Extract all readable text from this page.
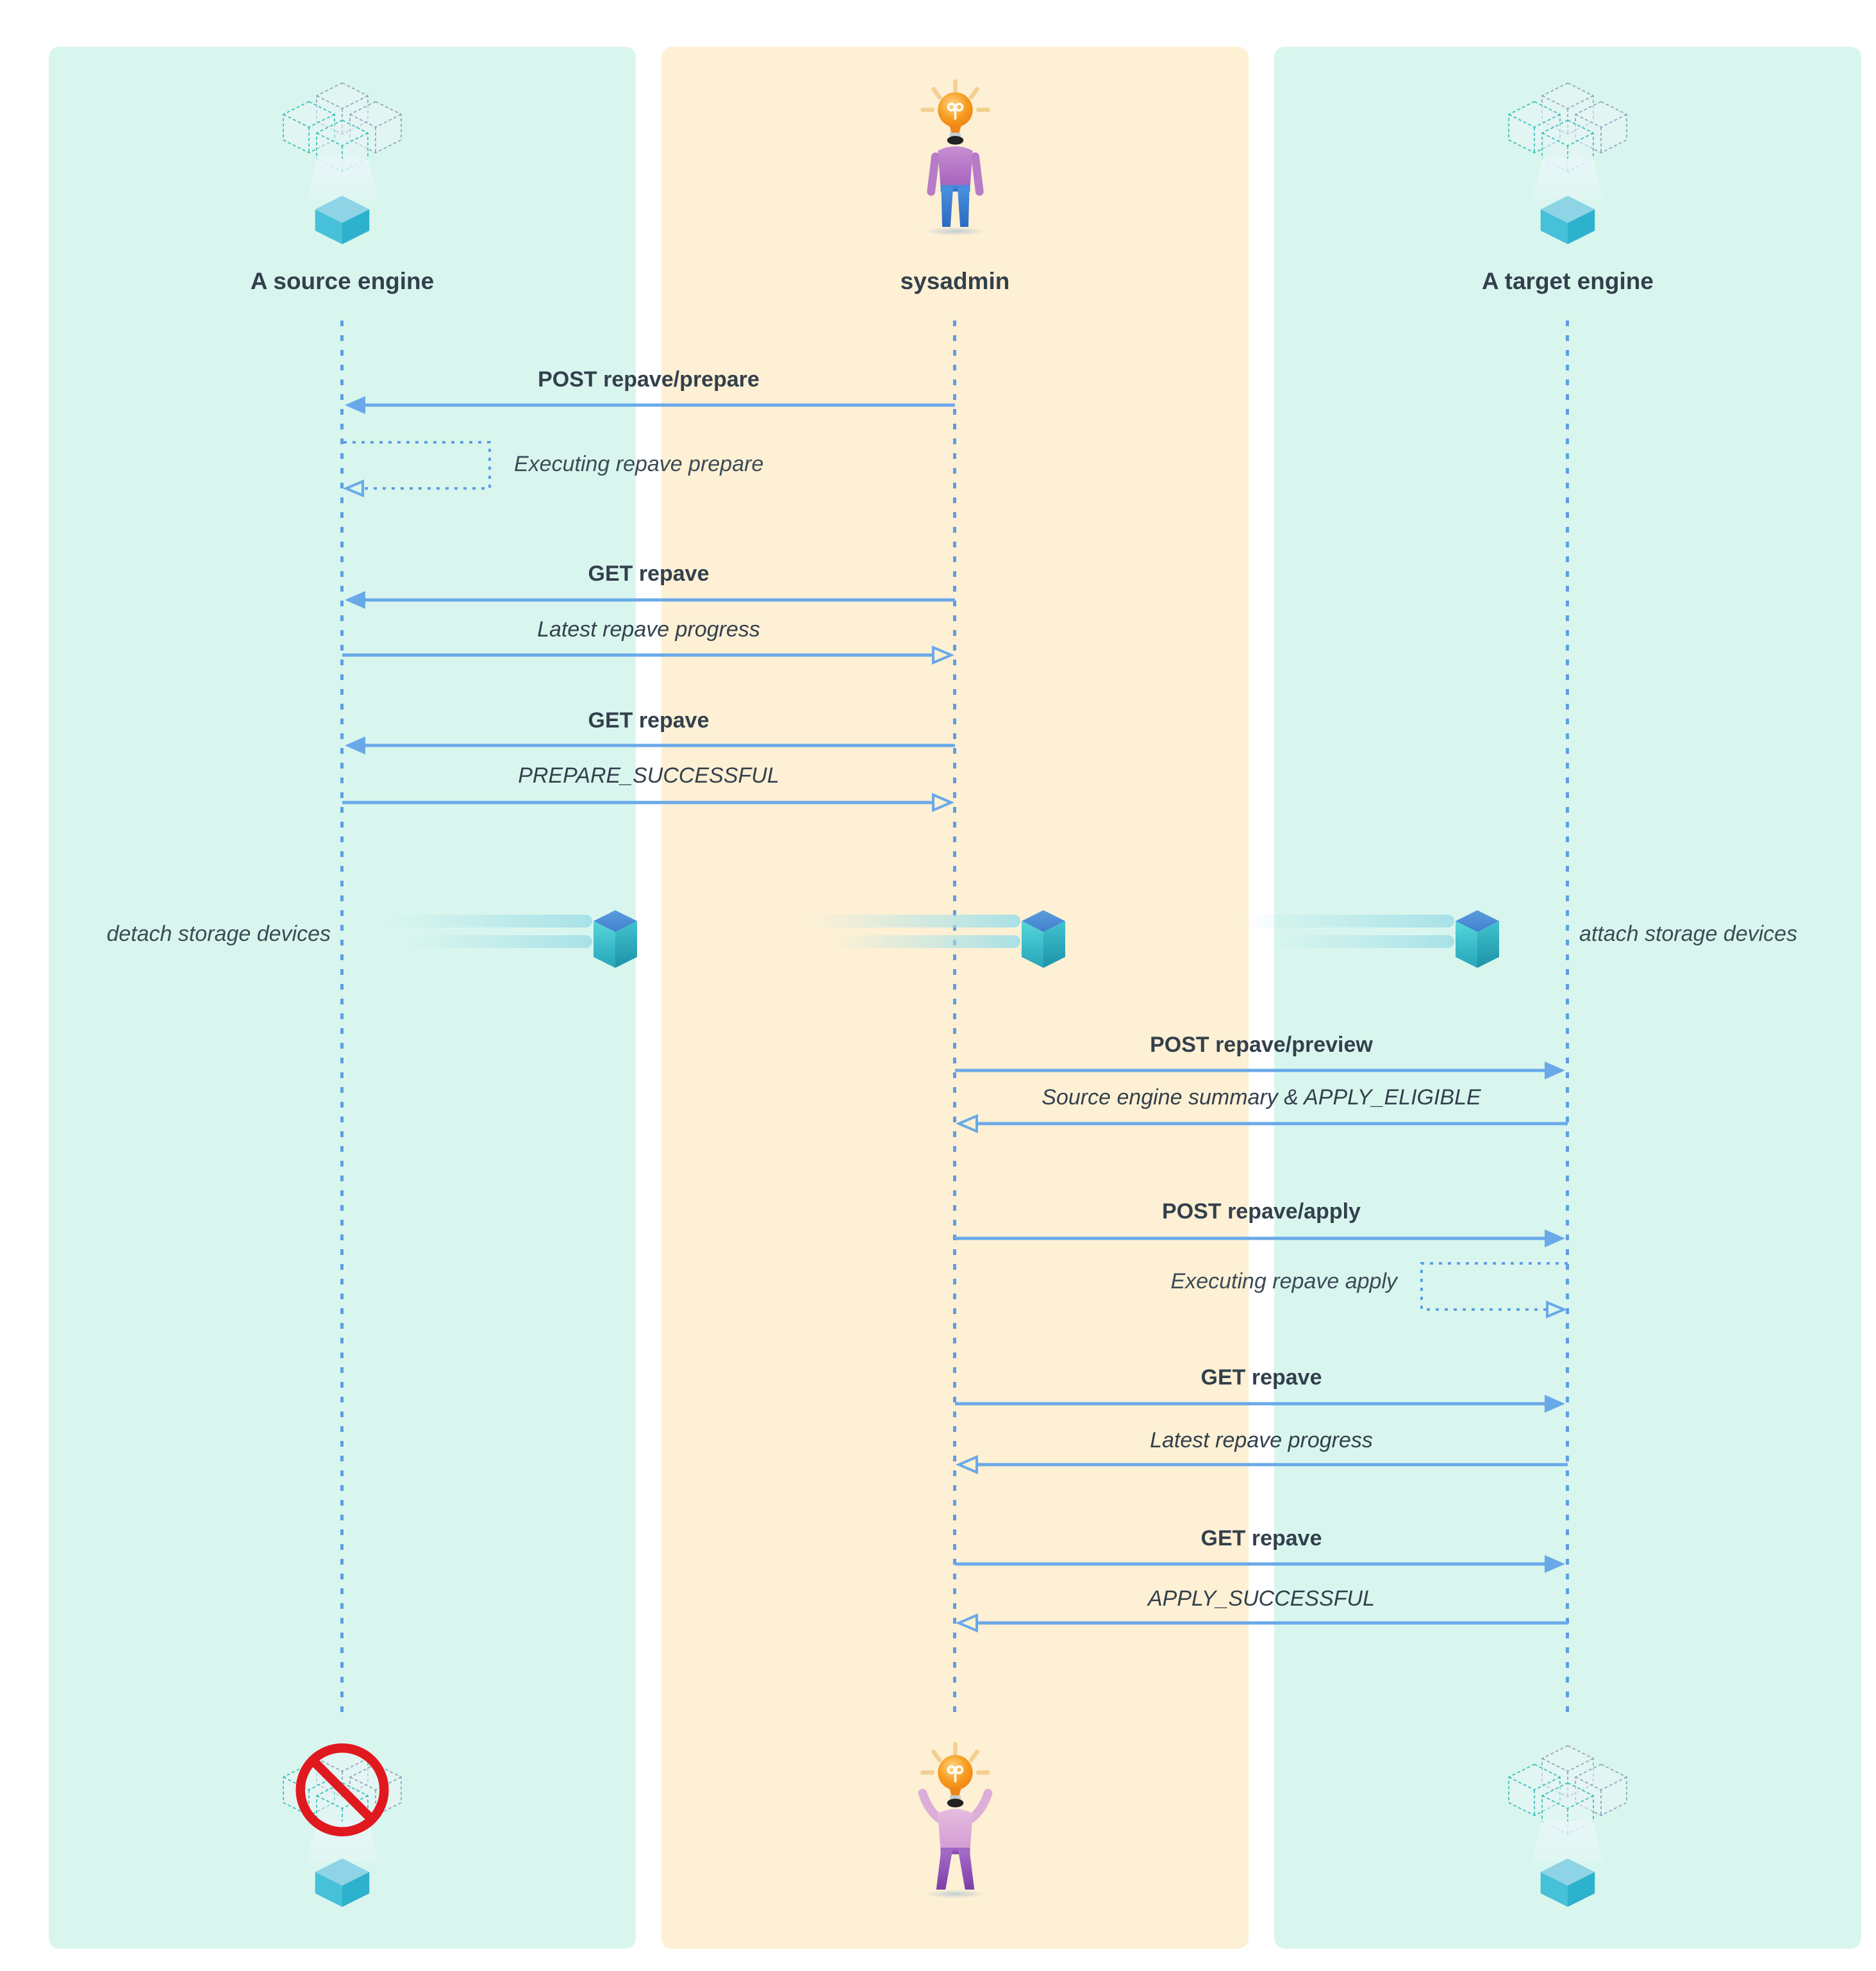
A source engine	sysadmin	A target engine
POST repave/prepare
Executing repave prepare
GET repave
Latest repave progress
GET repave
PREPARE_SUCCESSFUL
detach storage devices	attach storage devices
POST repave/preview
Source engine summary & APPLY_ELIGIBLE
POST repave/apply
Executing repave apply
GET repave
Latest repave progress
GET repave
APPLY_SUCCESSFUL
